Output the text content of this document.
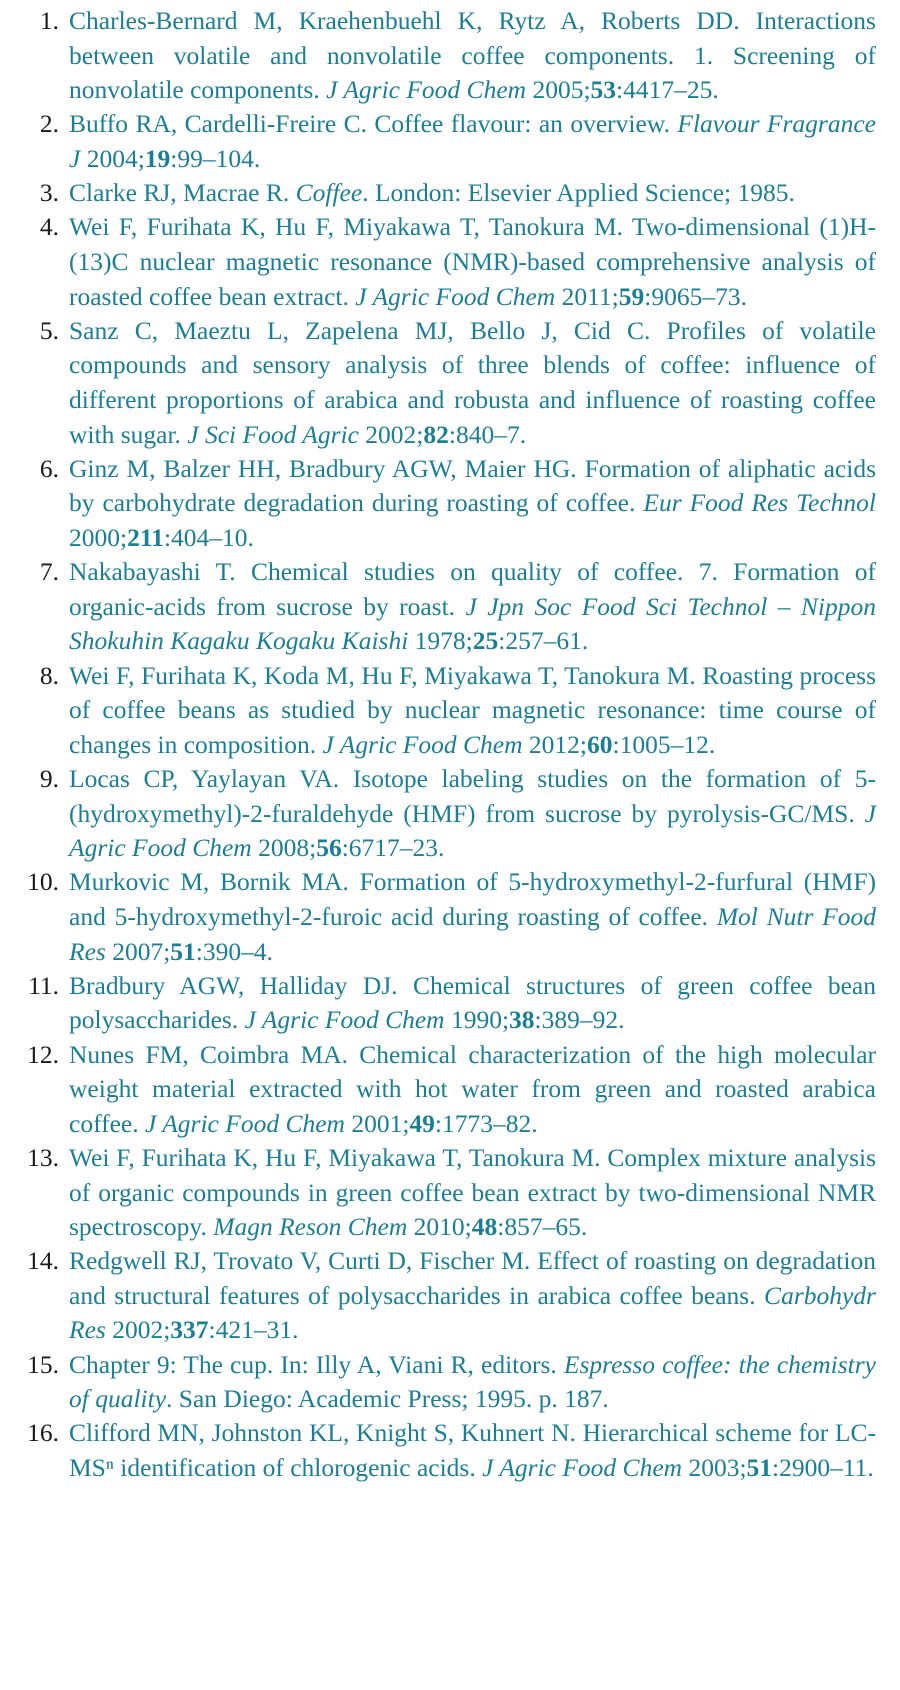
1. Charles-Bernard M, Kraehenbuehl K, Rytz A, Roberts DD. Interactions between volatile and nonvolatile coffee components. 1. Screening of nonvolatile components. J Agric Food Chem 2005;53:4417–25.
2. Buffo RA, Cardelli-Freire C. Coffee flavour: an overview. Flavour Fragrance J 2004;19:99–104.
3. Clarke RJ, Macrae R. Coffee. London: Elsevier Applied Science; 1985.
4. Wei F, Furihata K, Hu F, Miyakawa T, Tanokura M. Two-dimensional (1)H-(13)C nuclear magnetic resonance (NMR)-based comprehensive analysis of roasted coffee bean extract. J Agric Food Chem 2011;59:9065–73.
5. Sanz C, Maeztu L, Zapelena MJ, Bello J, Cid C. Profiles of volatile compounds and sensory analysis of three blends of coffee: influence of different proportions of arabica and robusta and influence of roasting coffee with sugar. J Sci Food Agric 2002;82:840–7.
6. Ginz M, Balzer HH, Bradbury AGW, Maier HG. Formation of aliphatic acids by carbohydrate degradation during roasting of coffee. Eur Food Res Technol 2000;211:404–10.
7. Nakabayashi T. Chemical studies on quality of coffee. 7. Formation of organic-acids from sucrose by roast. J Jpn Soc Food Sci Technol – Nippon Shokuhin Kagaku Kogaku Kaishi 1978;25:257–61.
8. Wei F, Furihata K, Koda M, Hu F, Miyakawa T, Tanokura M. Roasting process of coffee beans as studied by nuclear magnetic resonance: time course of changes in composition. J Agric Food Chem 2012;60:1005–12.
9. Locas CP, Yaylayan VA. Isotope labeling studies on the formation of 5-(hydroxymethyl)-2-furaldehyde (HMF) from sucrose by pyrolysis-GC/MS. J Agric Food Chem 2008;56:6717–23.
10. Murkovic M, Bornik MA. Formation of 5-hydroxymethyl-2-furfural (HMF) and 5-hydroxymethyl-2-furoic acid during roasting of coffee. Mol Nutr Food Res 2007;51:390–4.
11. Bradbury AGW, Halliday DJ. Chemical structures of green coffee bean polysaccharides. J Agric Food Chem 1990;38:389–92.
12. Nunes FM, Coimbra MA. Chemical characterization of the high molecular weight material extracted with hot water from green and roasted arabica coffee. J Agric Food Chem 2001;49:1773–82.
13. Wei F, Furihata K, Hu F, Miyakawa T, Tanokura M. Complex mixture analysis of organic compounds in green coffee bean extract by two-dimensional NMR spectroscopy. Magn Reson Chem 2010;48:857–65.
14. Redgwell RJ, Trovato V, Curti D, Fischer M. Effect of roasting on degradation and structural features of polysaccharides in arabica coffee beans. Carbohydr Res 2002;337:421–31.
15. Chapter 9: The cup. In: Illy A, Viani R, editors. Espresso coffee: the chemistry of quality. San Diego: Academic Press; 1995. p. 187.
16. Clifford MN, Johnston KL, Knight S, Kuhnert N. Hierarchical scheme for LC-MSⁿ identification of chlorogenic acids. J Agric Food Chem 2003;51:2900–11.
